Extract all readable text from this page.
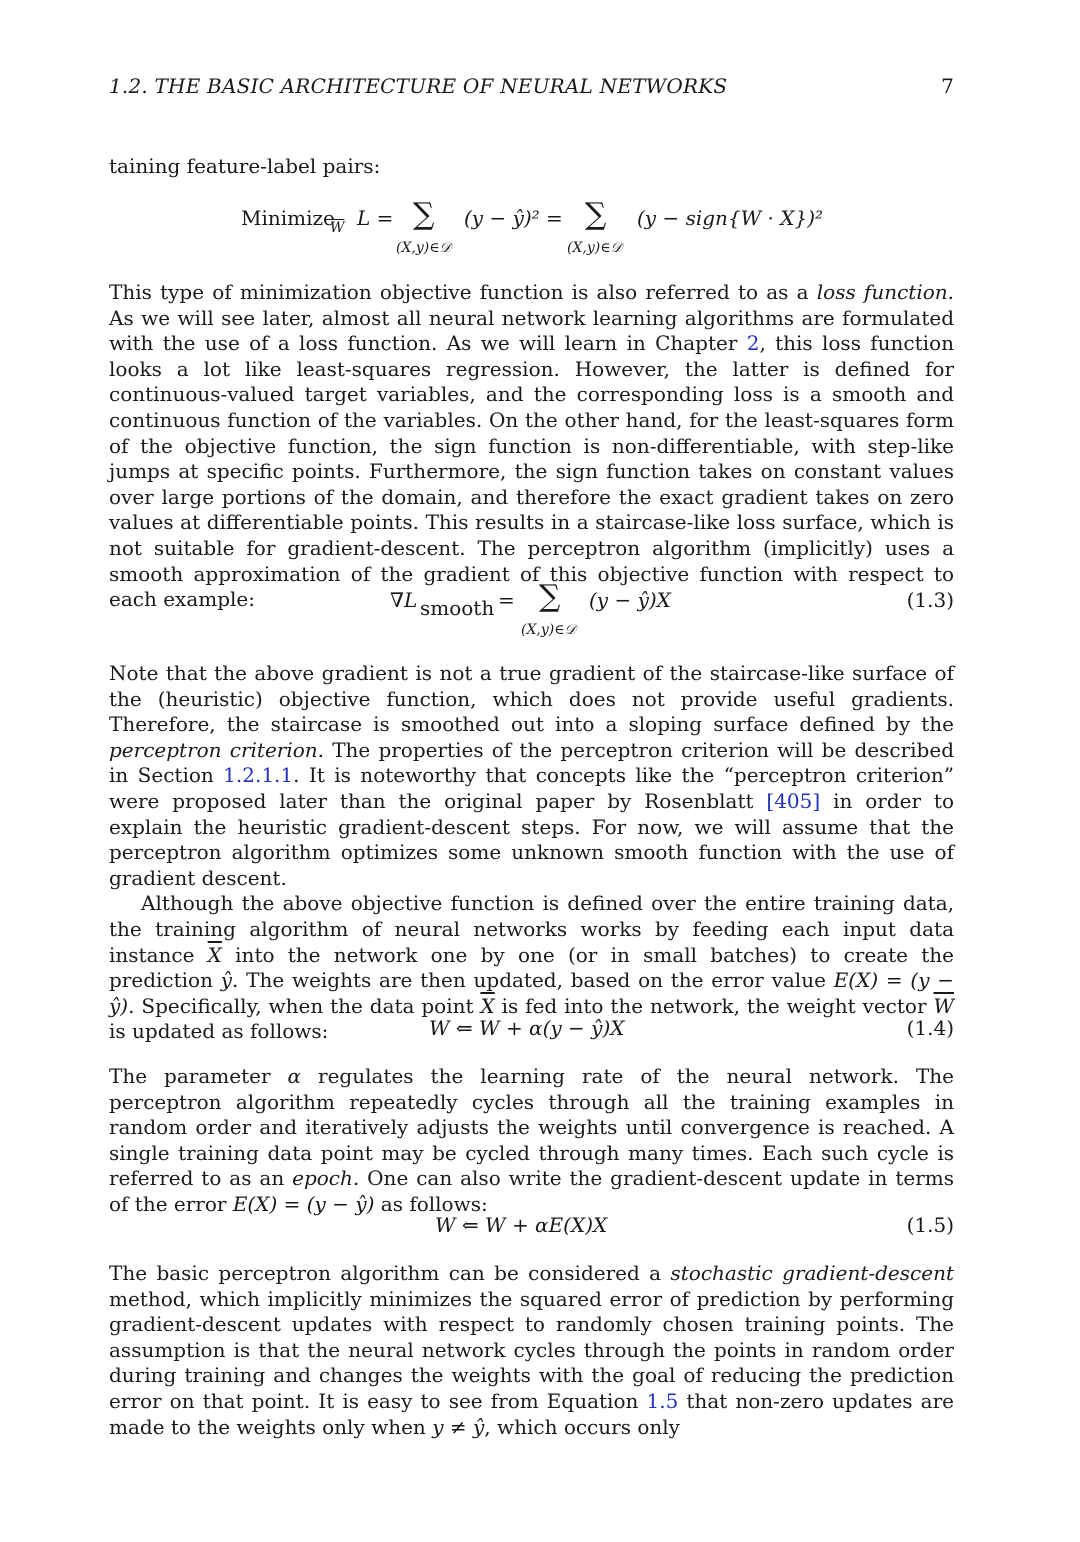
1.2. THE BASIC ARCHITECTURE OF NEURAL NETWORKS	7

taining feature-label pairs:

Minimize
$\overline{W}$ L = ∑
(X,y)∈𝒟
(y − ŷ)² = ∑
(X,y)∈𝒟
(y − sign{W · X})²

This type of minimization objective function is also referred to as a loss function. As we will see later, almost all neural network learning algorithms are formulated with the use of a loss function. As we will learn in Chapter 2, this loss function looks a lot like least-squares regression. However, the latter is defined for continuous-valued target variables, and the corresponding loss is a smooth and continuous function of the variables. On the other hand, for the least-squares form of the objective function, the sign function is non-differentiable, with step-like jumps at specific points. Furthermore, the sign function takes on constant values over large portions of the domain, and therefore the exact gradient takes on zero values at differentiable points. This results in a staircase-like loss surface, which is not suitable for gradient-descent. The perceptron algorithm (implicitly) uses a smooth approximation of the gradient of this objective function with respect to each example:	∇L smooth = ∑
(X,y)∈𝒟
(y − ŷ)X	(1.3)

Note that the above gradient is not a true gradient of the staircase-like surface of the (heuristic) objective function, which does not provide useful gradients. Therefore, the staircase is smoothed out into a sloping surface defined by the perceptron criterion. The properties of the perceptron criterion will be described in Section 1.2.1.1. It is noteworthy that concepts like the “perceptron criterion” were proposed later than the original paper by Rosenblatt [405] in order to explain the heuristic gradient-descent steps. For now, we will assume that the perceptron algorithm optimizes some unknown smooth function with the use of gradient descent.

Although the above objective function is defined over the entire training data, the training algorithm of neural networks works by feeding each input data instance $\overline{X}$ into the network one by one (or in small batches) to create the prediction ŷ. The weights are then updated, based on the error value E(X) = (y − ŷ). Specifically, when the data point $\overline{X}$ is fed into the network, the weight vector $\overline{W}$ is updated as follows:	W ⇐ W + α(y − ŷ)X	(1.4)

The parameter α regulates the learning rate of the neural network. The perceptron algorithm repeatedly cycles through all the training examples in random order and iteratively adjusts the weights until convergence is reached. A single training data point may be cycled through many times. Each such cycle is referred to as an epoch. One can also write the gradient-descent update in terms of the error E(X) = (y − ŷ) as follows:

W ⇐ W + αE(X)X	(1.5)

The basic perceptron algorithm can be considered a stochastic gradient-descent method, which implicitly minimizes the squared error of prediction by performing gradient-descent updates with respect to randomly chosen training points. The assumption is that the neural network cycles through the points in random order during training and changes the weights with the goal of reducing the prediction error on that point. It is easy to see from Equation 1.5 that non-zero updates are made to the weights only when y ≠ ŷ, which occurs only
